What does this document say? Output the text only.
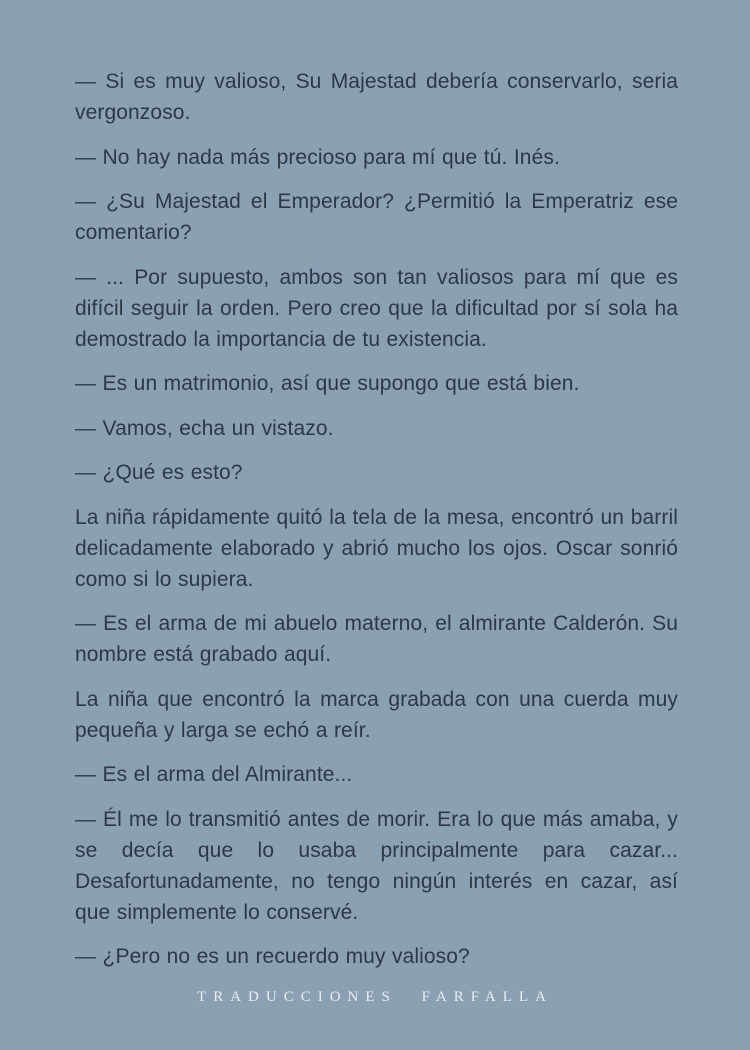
— Si es muy valioso, Su Majestad debería conservarlo, seria vergonzoso.

— No hay nada más precioso para mí que tú. Inés.

— ¿Su Majestad el Emperador? ¿Permitió la Emperatriz ese comentario?

— ... Por supuesto, ambos son tan valiosos para mí que es difícil seguir la orden. Pero creo que la dificultad por sí sola ha demostrado la importancia de tu existencia.

— Es un matrimonio, así que supongo que está bien.

— Vamos, echa un vistazo.

— ¿Qué es esto?

La niña rápidamente quitó la tela de la mesa, encontró un barril delicadamente elaborado y abrió mucho los ojos. Oscar sonrió como si lo supiera.

— Es el arma de mi abuelo materno, el almirante Calderón. Su nombre está grabado aquí.

La niña que encontró la marca grabada con una cuerda muy pequeña y larga se echó a reír.

— Es el arma del Almirante...

— Él me lo transmitió antes de morir. Era lo que más amaba, y se decía que lo usaba principalmente para cazar... Desafortunadamente, no tengo ningún interés en cazar, así que simplemente lo conservé.

— ¿Pero no es un recuerdo muy valioso?

TRADUCCIONES FARFALLA
